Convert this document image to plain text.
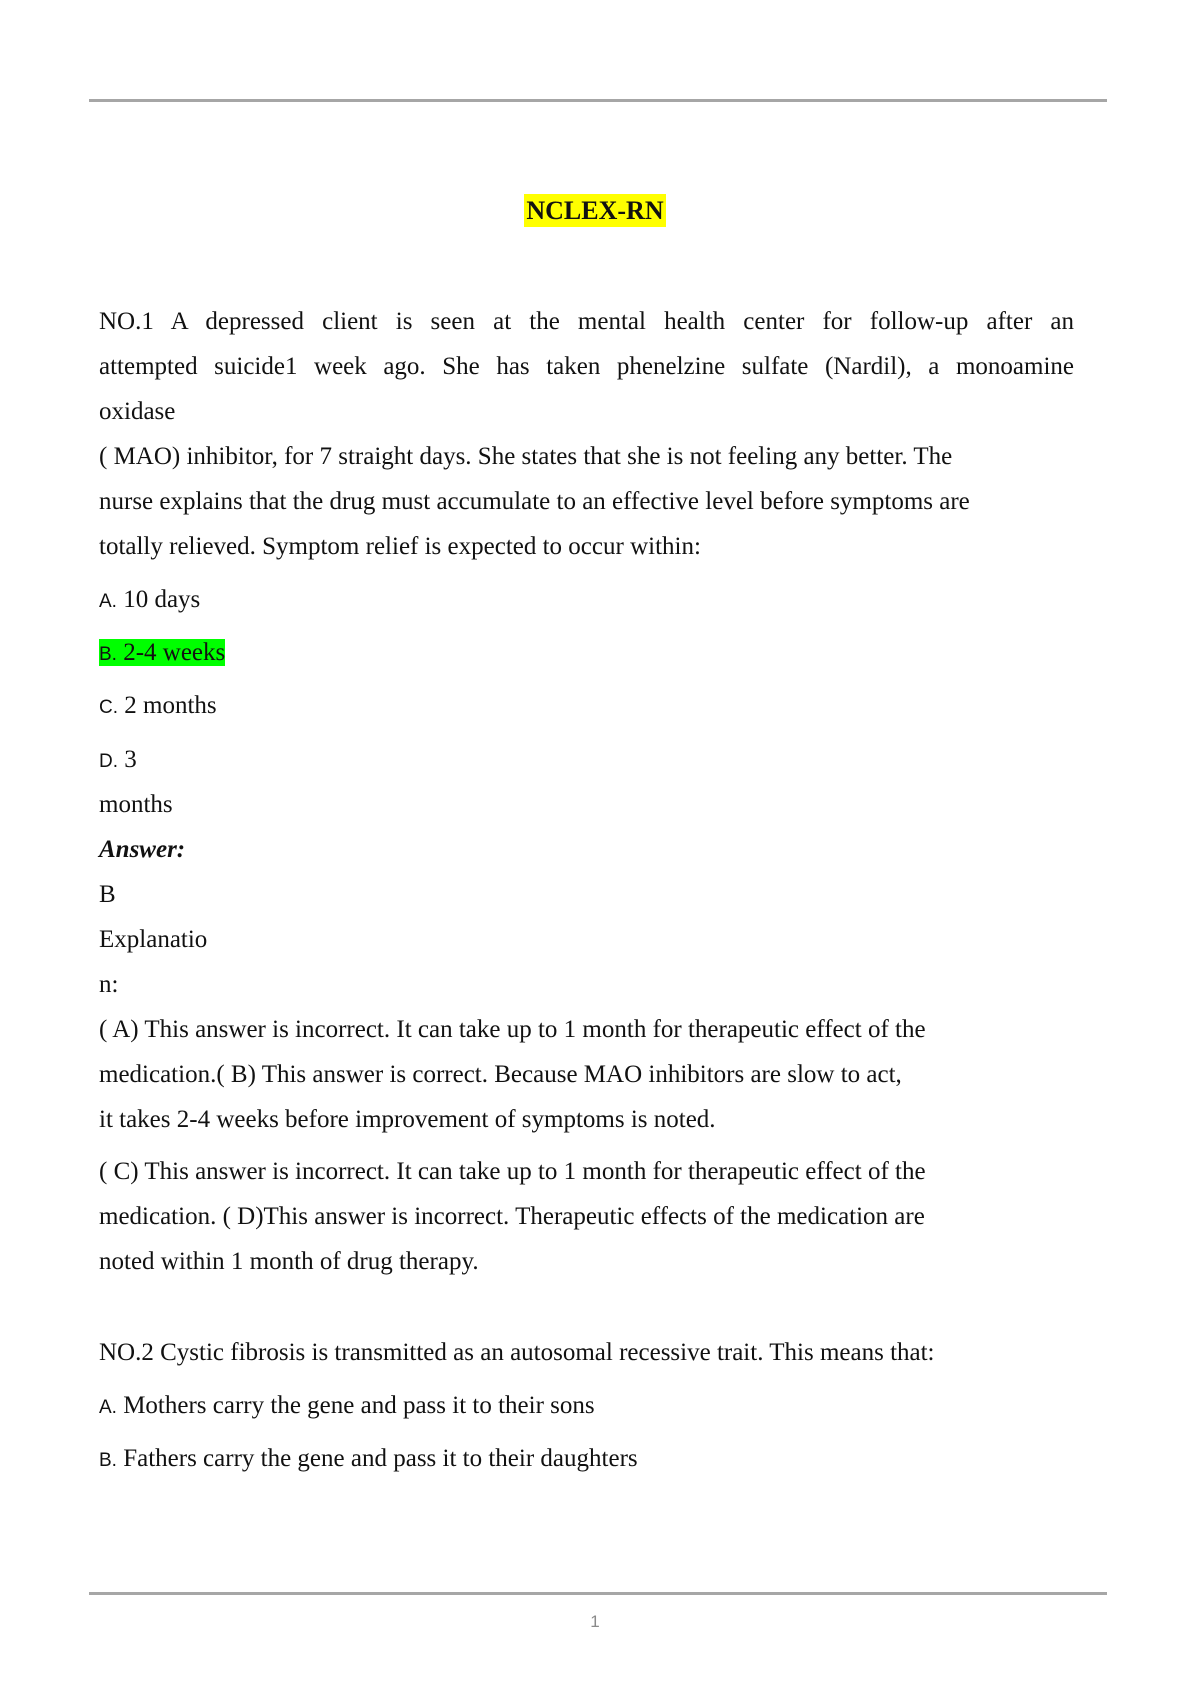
NCLEX-RN
NO.1 A depressed client is seen at the mental health center for follow-up after an
attempted suicide1 week ago. She has taken phenelzine sulfate (Nardil), a monoamine
oxidase
( MAO) inhibitor, for 7 straight days. She states that she is not feeling any better. The
nurse explains that the drug must accumulate to an effective level before symptoms are
totally relieved. Symptom relief is expected to occur within:
A. 10 days
B. 2-4 weeks
C. 2 months
D. 3
months
Answer:
B
Explanatio
n:
( A) This answer is incorrect. It can take up to 1 month for therapeutic effect of the
medication.( B) This answer is correct. Because MAO inhibitors are slow to act,
it takes 2-4 weeks before improvement of symptoms is noted.
( C) This answer is incorrect. It can take up to 1 month for therapeutic effect of the
medication. ( D)This answer is incorrect. Therapeutic effects of the medication are
noted within 1 month of drug therapy.
NO.2 Cystic fibrosis is transmitted as an autosomal recessive trait. This means that:
A. Mothers carry the gene and pass it to their sons
B. Fathers carry the gene and pass it to their daughters
1
